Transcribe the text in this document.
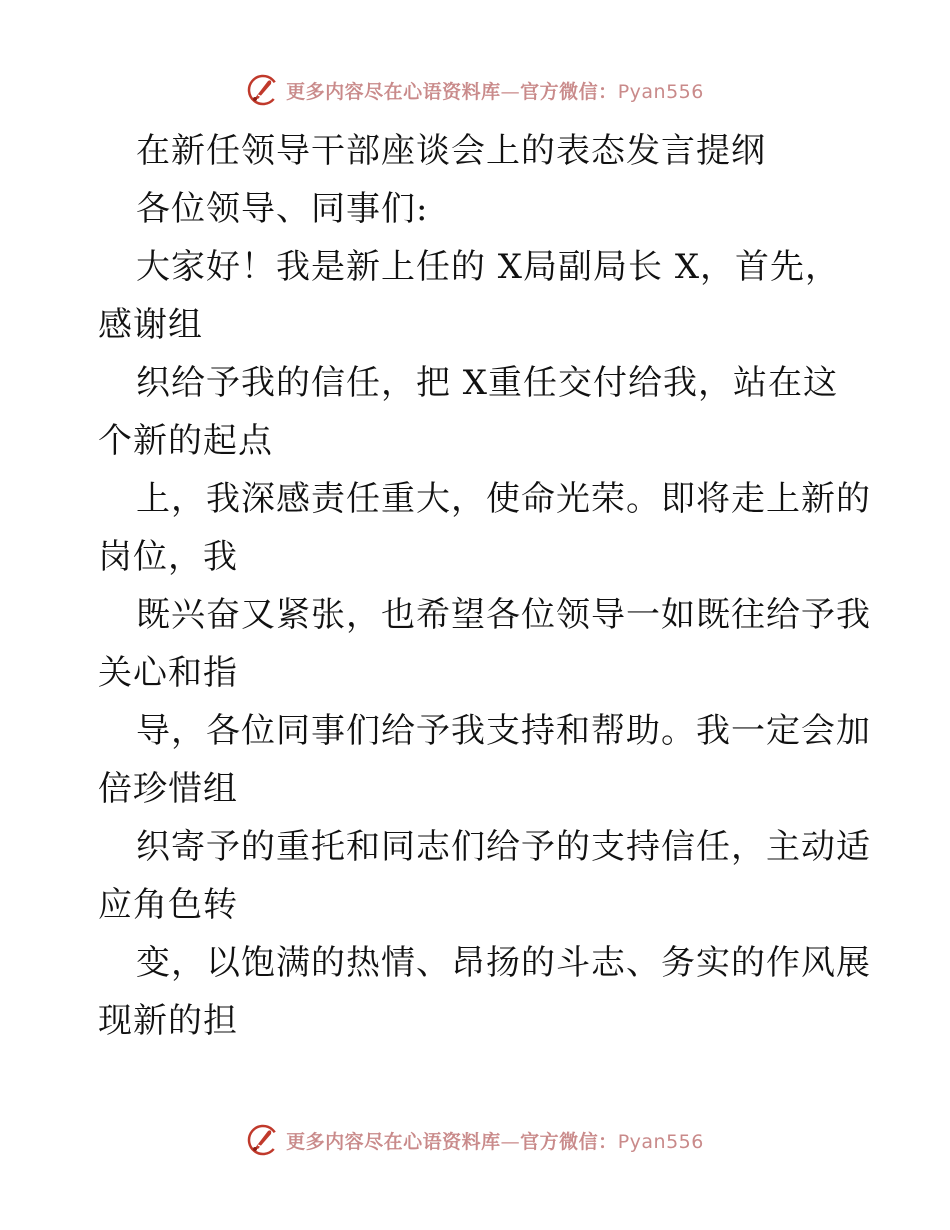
更多内容尽在心语资料库—官方微信：Pyan556
在新任领导干部座谈会上的表态发言提纲
各位领导、同事们:
大家好！我是新上任的 X局副局长 X，首先，
感谢组
织给予我的信任，把 X重任交付给我，站在这
个新的起点
上，我深感责任重大，使命光荣。即将走上新的
岗位，我
既兴奋又紧张，也希望各位领导一如既往给予我
关心和指
导，各位同事们给予我支持和帮助。我一定会加
倍珍惜组
织寄予的重托和同志们给予的支持信任，主动适
应角色转
变，以饱满的热情、昂扬的斗志、务实的作风展
现新的担
更多内容尽在心语资料库—官方微信：Pyan556
